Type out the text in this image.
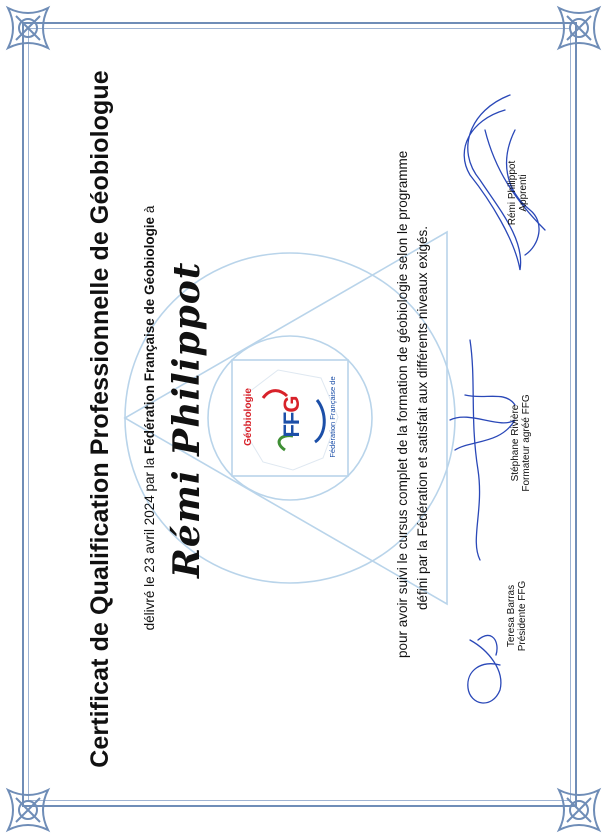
FFG
Géobiologie	Fédération Française de
Certificat de Qualification Professionnelle de Géobiologue délivré le 23 avril 2024 par la Fédération Française de Géobiologie à
Rémi Philippot	pour avoir suivi le cursus complet de la formation de géobiologie selon le programme défini par la Fédération et satisfait aux différents niveaux exigés.
Teresa Barras Présidente FFG
Stéphane Rivière Formateur agréé FFG
Rémi Philippot Apprenti
